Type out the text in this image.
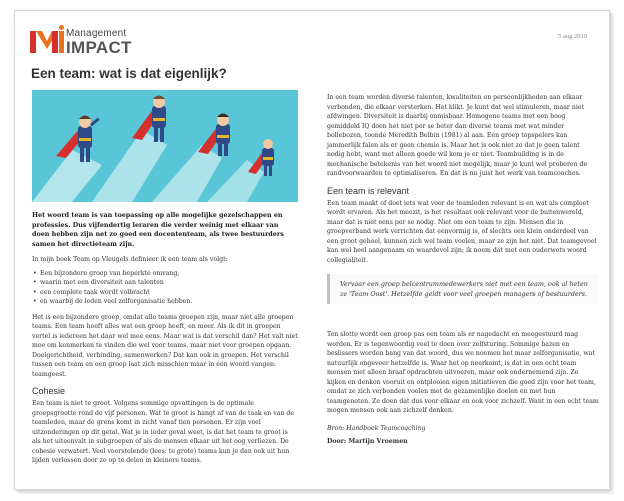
Management
IMPACT
5 aug 2019
Een team: wat is dat eigenlijk?

Het woord team is van toepassing op alle mogelijke gezelschappen en professies. Dus vijfendertig leraren die verder weinig met elkaar van doen hebben zijn net zo goed een docententeam, als twee bestuurders samen het directieteam zijn.

In mijn boek Team op Vleugels definieer ik een team als volgt:

• Een bijzondere groep van beperkte omvang,
• waarin met een diversiteit aan talenten
• een complete taak wordt volbracht
• en waarbij de leden veel zelforganisatie hebben.

Het is een bijzondere groep, omdat alle teams groepen zijn, maar niet alle groepen teams. Een team heeft alles wat een groep heeft, en meer. Als ik dit in groepen vertel is iedereen het daar wel mee eens. Maar wat is dat verschil dan? Het valt niet mee om kenmerken te vinden die wel voor teams, maar niet voor groepen opgaan. Doelgerichtheid, verbinding, samenwerken? Dat kan ook in groepen. Het verschil tussen een team en een groep laat zich misschien maar in één woord vangen: teamgeest.

Cohesie

Een team is niet te groot. Volgens sommige opvattingen is de optimale groepsgrootte rond de vijf personen. Wat te groot is hangt af van de taak en van de teamleden, maar de grens komt in zicht vanaf tien personen. Er zijn veel uitzonderingen op dit getal. Wat je in ieder geval weet, is dat het team te groot is als het uiteenvalt in subgroepen of als de mensen elkaar uit het oog verliezen. De cohesie verwatert. Veel voorstelende (lees: te grote) teams kun je dan ook uit hun lijden verlossen door ze op te delen in kleinere teams.

In een team worden diverse talenten, kwaliteiten en persoonlijkheden aan elkaar verbonden, die elkaar versterken. Het klikt. Je kunt dat wel stimuleren, maar niet afdwingen. Diversiteit is daarbij onmisbaar. Homogene teams met een hoog gemiddeld IQ doen het niet per se beter dan diverse teams met wat minder bollebozen, toonde Meredith Belbin (1981) al aan. Een groep topspelers kan jammerlijk falen als er geen chemie is. Maar het is ook niet zo dat je geen talent nodig hebt, want met alleen goede wil kom je er niet. Teambuilding is in de mechanische betekenis van het woord niet mogelijk, maar je kunt wel proberen de randvoorwaarden te optimaliseren. En dat is nu juist het werk van teamcoaches.

Een team is relevant

Een team maakt of doet iets wat voor de teamleden relevant is en wat als compleet wordt ervaren. Als het meezit, is het resultaat ook relevant voor de buitenwereld, maar dat is niet eens per se nodig. Niet om een team te zijn. Mensen die in groepverband werk verrichten dat eenvormig is, of slechts een klein onderdeel van een groot geheel, kunnen zich wel team voelen, maar ze zijn het niet. Dat teamgevoel kan wel heel aangenaam en waardevol zijn; ik noem dat met een ouderwets woord collegialiteit.

Vervaar een groep belcentrummedewerkers niet met een team, ook al heten ze 'Team Oost'. Hetzelfde geldt voor veel groepen managers of bestuurders.

Ten slotte wordt een groep pas een team als er nagedacht en meegestuurd mag worden. Er is tegenwoordig veel te doen over zelfsturing. Sommige bazen en beslissers worden bang van dat woord, dus we noemen het maar zelforganisatie, wat natuurlijk ongeveer hetzelfde is. Waar het op neerkomt, is dat in een echt team mensen niet alleen braaf opdrachten uitvoeren, maar ook ondernemend zijn. Ze kijken en denken vooruit en ontplooien eigen initiatieven die goed zijn voor het team, omdat ze zich verbonden voelen met de gezamenlijke doelen en met hun teamgenoten. Ze doen dat dus voor elkaar en ook voor zichzelf. Want in een echt team mogen mensen ook aan zichzelf denken.

Bron: Handboek Teamcoaching

Door: Martijn Vroemen
